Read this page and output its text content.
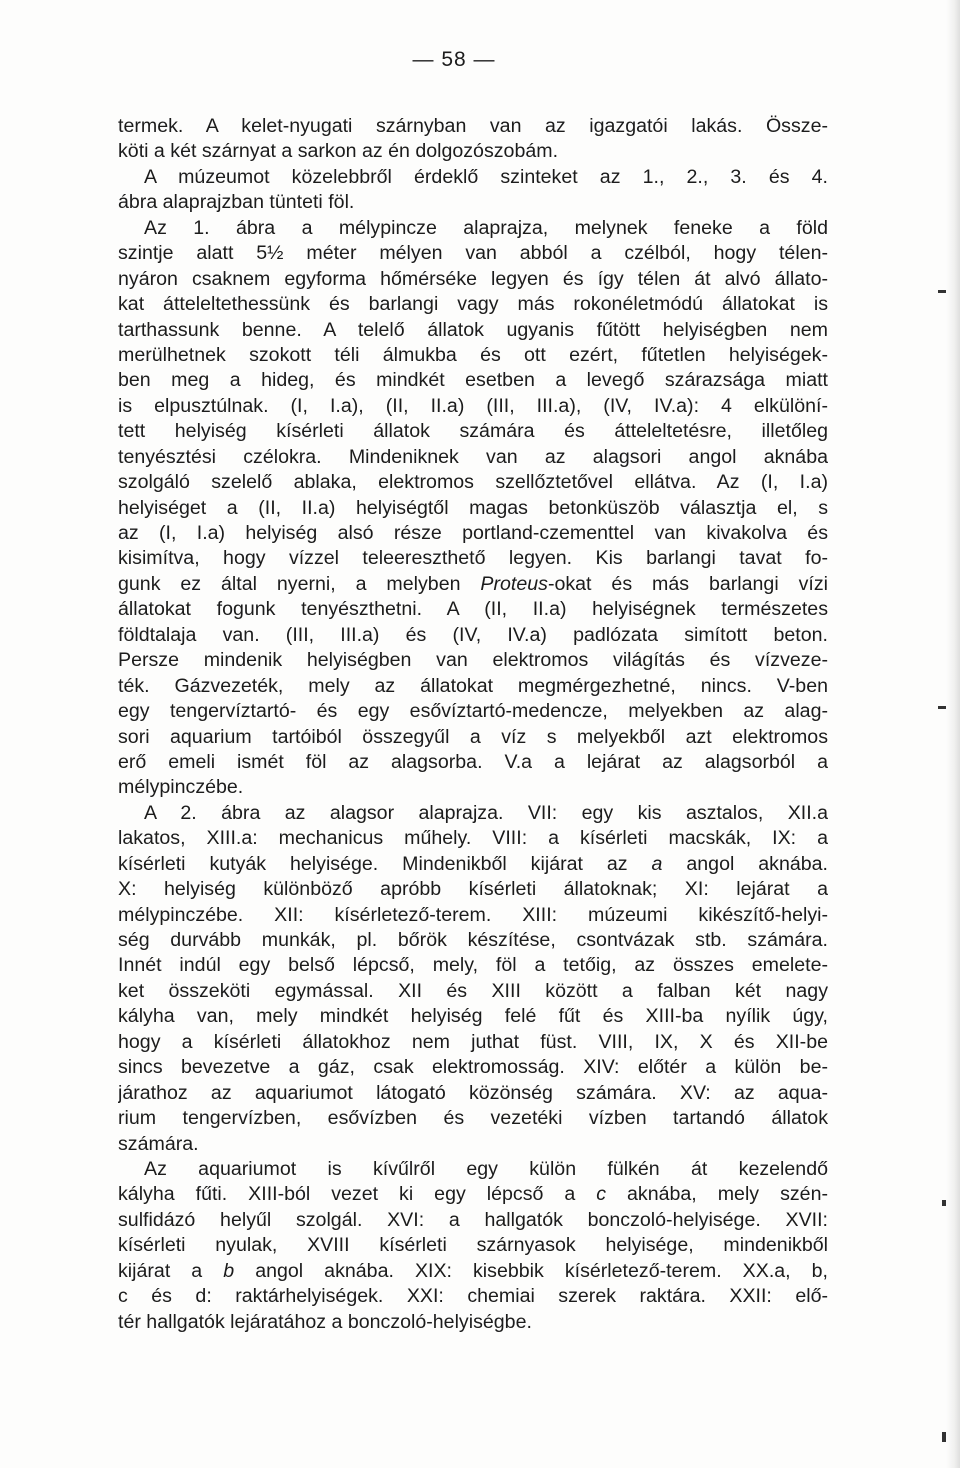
— 58 —
termek. A kelet-nyugati szárnyban van az igazgatói lakás. Össze-
köti a két szárnyat a sarkon az én dolgozószobám.
A múzeumot közelebbről érdeklő szinteket az 1., 2., 3. és 4.
ábra alaprajzban tünteti föl.
Az 1. ábra a mélypincze alaprajza, melynek feneke a föld
szintje alatt 5½ méter mélyen van abból a czélból, hogy télen-
nyáron csaknem egyforma hőmérséke legyen és így télen át alvó állato-
kat átteleltethessünk és barlangi vagy más rokonéletmódú állatokat is
tarthassunk benne. A telelő állatok ugyanis fűtött helyiségben nem
merülhetnek szokott téli álmukba és ott ezért, fűtetlen helyiségek-
ben meg a hideg, és mindkét esetben a levegő szárazsága miatt
is elpusztúlnak. (I, I.a), (II, II.a) (III, III.a), (IV, IV.a): 4 elkülöní-
tett helyiség kísérleti állatok számára és átteleltetésre, illetőleg
tenyésztési czélokra. Mindeniknek van az alagsori angol aknába
szolgáló szelelő ablaka, elektromos szellőztetővel ellátva. Az (I, I.a)
helyiséget a (II, II.a) helyiségtől magas betonküszöb választja el, s
az (I, I.a) helyiség alsó része portland-czementtel van kivakolva és
kisimítva, hogy vízzel teleereszthető legyen. Kis barlangi tavat fo-
gunk ez által nyerni, a melyben Proteus-okat és más barlangi vízi
állatokat fogunk tenyészthetni. A (II, II.a) helyiségnek természetes
földtalaja van. (III, III.a) és (IV, IV.a) padlózata simított beton.
Persze mindenik helyiségben van elektromos világítás és vízveze-
ték. Gázvezeték, mely az állatokat megmérgezhetné, nincs. V-ben
egy tengervíztartó- és egy esővíztartó-medencze, melyekben az alag-
sori aquarium tartóiból összegyűl a víz s melyekből azt elektromos
erő emeli ismét föl az alagsorba. V.a a lejárat az alagsorból a
mélypinczébe.
A 2. ábra az alagsor alaprajza. VII: egy kis asztalos, XII.a
lakatos, XIII.a: mechanicus műhely. VIII: a kísérleti macskák, IX: a
kísérleti kutyák helyisége. Mindenikből kijárat az a angol aknába.
X: helyiség különböző apróbb kísérleti állatoknak; XI: lejárat a
mélypinczébe. XII: kísérletező-terem. XIII: múzeumi kikészítő-helyi-
ség durvább munkák, pl. bőrök készítése, csontvázak stb. számára.
Innét indúl egy belső lépcső, mely, föl a tetőig, az összes emelete-
ket összeköti egymással. XII és XIII között a falban két nagy
kályha van, mely mindkét helyiség felé fűt és XIII-ba nyílik úgy,
hogy a kísérleti állatokhoz nem juthat füst. VIII, IX, X és XII-be
sincs bevezetve a gáz, csak elektromosság. XIV: előtér a külön be-
járathoz az aquariumot látogató közönség számára. XV: az aqua-
rium tengervízben, esővízben és vezetéki vízben tartandó állatok
számára.
Az aquariumot is kívűlről egy külön fülkén át kezelendő
kályha fűti. XIII-ból vezet ki egy lépcső a c aknába, mely szén-
sulfidázó helyűl szolgál. XVI: a hallgatók bonczoló-helyisége. XVII:
kísérleti nyulak, XVIII kísérleti szárnyasok helyisége, mindenikből
kijárat a b angol aknába. XIX: kisebbik kísérletező-terem. XX.a, b,
c és d: raktárhelyiségek. XXI: chemiai szerek raktára. XXII: elő-
tér hallgatók lejáratához a bonczoló-helyiségbe.
